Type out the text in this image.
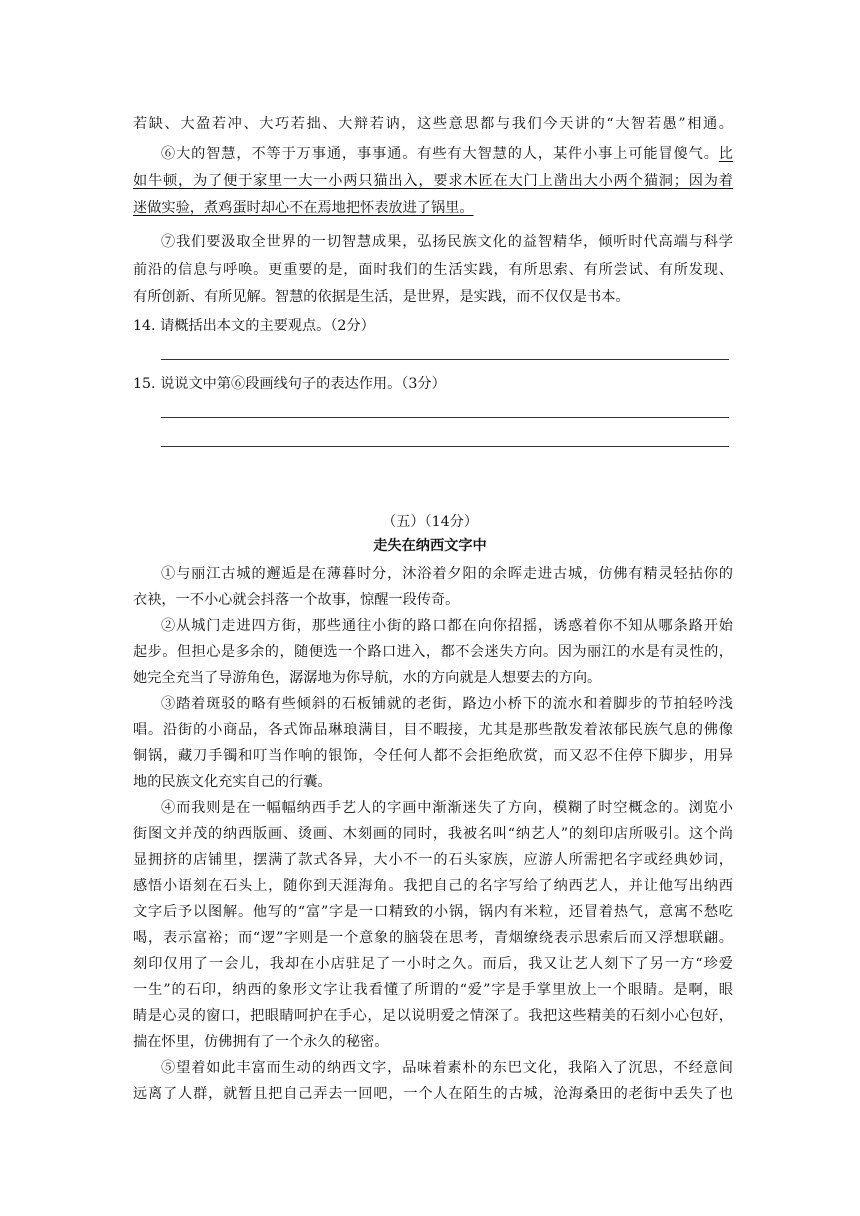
若缺、大盈若冲、大巧若拙、大辩若讷，这些意思都与我们今天讲的“大智若愚”相通。
⑥大的智慧，不等于万事通，事事通。有些有大智慧的人，某件小事上可能冒傻气。比
如牛顿，为了便于家里一大一小两只猫出入，要求木匠在大门上凿出大小两个猫洞；因为着
迷做实验，煮鸡蛋时却心不在焉地把怀表放进了锅里。
⑦我们要汲取全世界的一切智慧成果，弘扬民族文化的益智精华，倾听时代高端与科学
前沿的信息与呼唤。更重要的是，面时我们的生活实践，有所思索、有所尝试、有所发现、
有所创新、有所见解。智慧的依据是生活，是世界，是实践，而不仅仅是书本。
14. 请概括出本文的主要观点。（2分）
15. 说说文中第⑥段画线句子的表达作用。（3分）
（五）（14分）
走失在纳西文字中
①与丽江古城的邂逅是在薄暮时分，沐浴着夕阳的余晖走进古城，仿佛有精灵轻拈你的
衣袂，一不小心就会抖落一个故事，惊醒一段传奇。
②从城门走进四方街，那些通往小街的路口都在向你招摇，诱惑着你不知从哪条路开始
起步。但担心是多余的，随便选一个路口进入，都不会迷失方向。因为丽江的水是有灵性的，
她完全充当了导游角色，潺潺地为你导航，水的方向就是人想要去的方向。
③踏着斑驳的略有些倾斜的石板铺就的老街，路边小桥下的流水和着脚步的节拍轻吟浅
唱。沿街的小商品，各式饰品琳琅满目，目不暇接，尤其是那些散发着浓郁民族气息的佛像
铜锅，藏刀手镯和叮当作响的银饰，令任何人都不会拒绝欣赏，而又忍不住停下脚步，用异
地的民族文化充实自己的行囊。
④而我则是在一幅幅纳西手艺人的字画中渐渐迷失了方向，模糊了时空概念的。浏览小
街图文并茂的纳西版画、烫画、木刻画的同时，我被名叫“纳艺人”的刻印店所吸引。这个尚
显拥挤的店铺里，摆满了款式各异，大小不一的石头家族，应游人所需把名字或经典妙词，
感悟小语刻在石头上，随你到天涯海角。我把自己的名字写给了纳西艺人，并让他写出纳西
文字后予以图解。他写的“富”字是一口精致的小锅，锅内有米粒，还冒着热气，意寓不愁吃
喝，表示富裕；而“逻”字则是一个意象的脑袋在思考，青烟缭绕表示思索后而又浮想联翩。
刻印仅用了一会儿，我却在小店驻足了一小时之久。而后，我又让艺人刻下了另一方“珍爱
一生”的石印，纳西的象形文字让我看懂了所谓的“爱”字是手掌里放上一个眼睛。是啊，眼
睛是心灵的窗口，把眼睛呵护在手心，足以说明爱之情深了。我把这些精美的石刻小心包好，
揣在怀里，仿佛拥有了一个永久的秘密。
⑤望着如此丰富而生动的纳西文字，品味着素朴的东巴文化，我陷入了沉思，不经意间
远离了人群，就暂且把自己弄去一回吧，一个人在陌生的古城，沧海桑田的老街中丢失了也
